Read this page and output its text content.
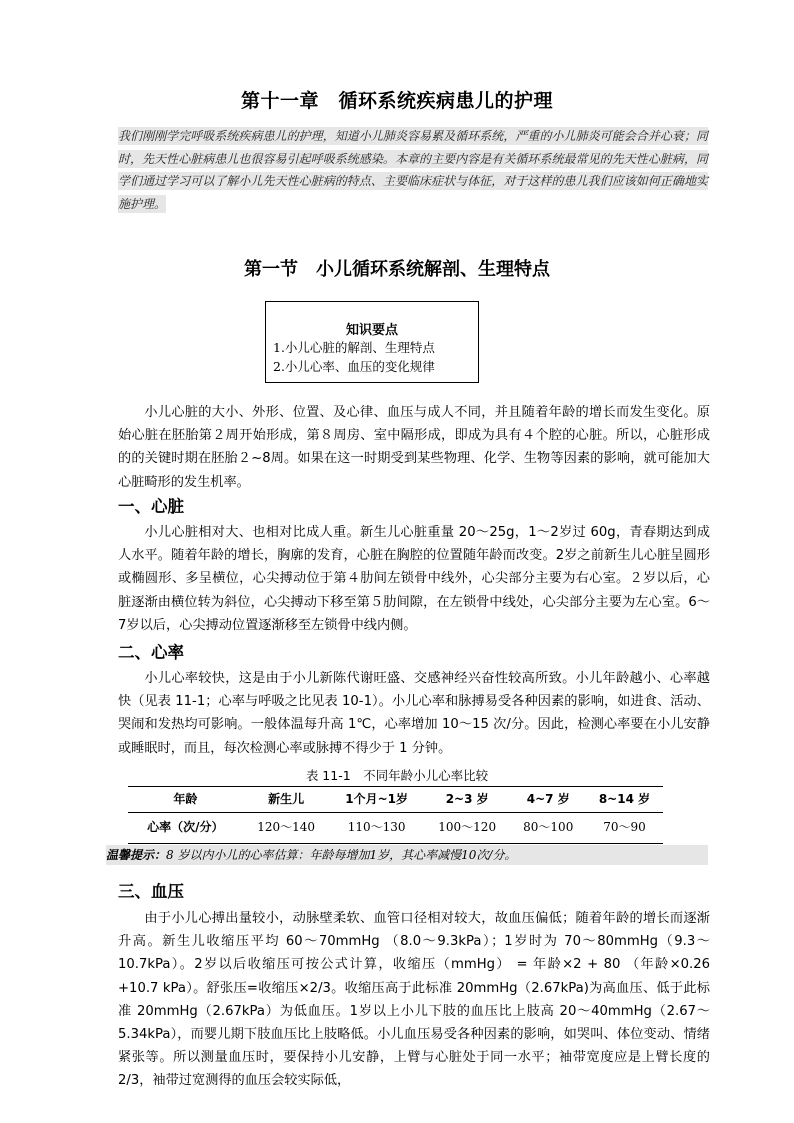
第十一章　循环系统疾病患儿的护理
我们刚刚学完呼吸系统疾病患儿的护理，知道小儿肺炎容易累及循环系统，严重的小儿肺炎可能会合并心衰；同时，先天性心脏病患儿也很容易引起呼吸系统感染。本章的主要内容是有关循环系统最常见的先天性心脏病，同学们通过学习可以了解小儿先天性心脏病的特点、主要临床症状与体征，对于这样的患儿我们应该如何正确地实施护理。
第一节　小儿循环系统解剖、生理特点
知识要点
1.小儿心脏的解剖、生理特点
2.小儿心率、血压的变化规律

小儿心脏的大小、外形、位置、及心律、血压与成人不同，并且随着年龄的增长而发生变化。原始心脏在胚胎第２周开始形成，第８周房、室中隔形成，即成为具有４个腔的心脏。所以，心脏形成的的关键时期在胚胎２~8周。如果在这一时期受到某些物理、化学、生物等因素的影响，就可能加大心脏畸形的发生机率。

一、心脏

小儿心脏相对大、也相对比成人重。新生儿心脏重量 20～25g，1～2岁过 60g，青春期达到成人水平。随着年龄的增长，胸廓的发育，心脏在胸腔的位置随年龄而改变。2岁之前新生儿心脏呈圆形或椭圆形、多呈横位，心尖搏动位于第４肋间左锁骨中线外，心尖部分主要为右心室。２岁以后，心脏逐渐由横位转为斜位，心尖搏动下移至第５肋间隙，在左锁骨中线处，心尖部分主要为左心室。6～7岁以后，心尖搏动位置逐渐移至左锁骨中线内侧。

二、心率

小儿心率较快，这是由于小儿新陈代谢旺盛、交感神经兴奋性较高所致。小儿年龄越小、心率越快（见表 11-1；心率与呼吸之比见表 10-1）。小儿心率和脉搏易受各种因素的影响，如进食、活动、哭闹和发热均可影响。一般体温每升高 1℃，心率增加 10～15 次/分。因此，检测心率要在小儿安静或睡眠时，而且，每次检测心率或脉搏不得少于 1 分钟。

表 11-1　不同年龄小儿心率比较
年龄	新生儿	1个月~1岁	2~3 岁	4~7 岁	8~14 岁
心率（次/分）	120～140	110～130	100～120	80～100	70～90
温馨提示：8 岁以内小儿的心率估算：年龄每增加1岁，其心率减慢10次/分。
三、血压

由于小儿心搏出量较小，动脉壁柔软、血管口径相对较大，故血压偏低；随着年龄的增长而逐渐升高。新生儿收缩压平均 60～70mmHg （8.0～9.3kPa）；1岁时为 70～80mmHg（9.3～10.7kPa）。2岁以后收缩压可按公式计算，收缩压（mmHg） = 年龄×2 + 80 （年龄×0.26 +10.7 kPa）。舒张压=收缩压×2/3。收缩压高于此标准 20mmHg（2.67kPa)为高血压、低于此标准 20mmHg（2.67kPa）为低血压。1岁以上小儿下肢的血压比上肢高 20～40mmHg（2.67～5.34kPa），而婴儿期下肢血压比上肢略低。小儿血压易受各种因素的影响，如哭叫、体位变动、情绪紧张等。所以测量血压时，要保持小儿安静，上臂与心脏处于同一水平；袖带宽度应是上臂长度的 2/3，袖带过宽测得的血压会较实际低，
